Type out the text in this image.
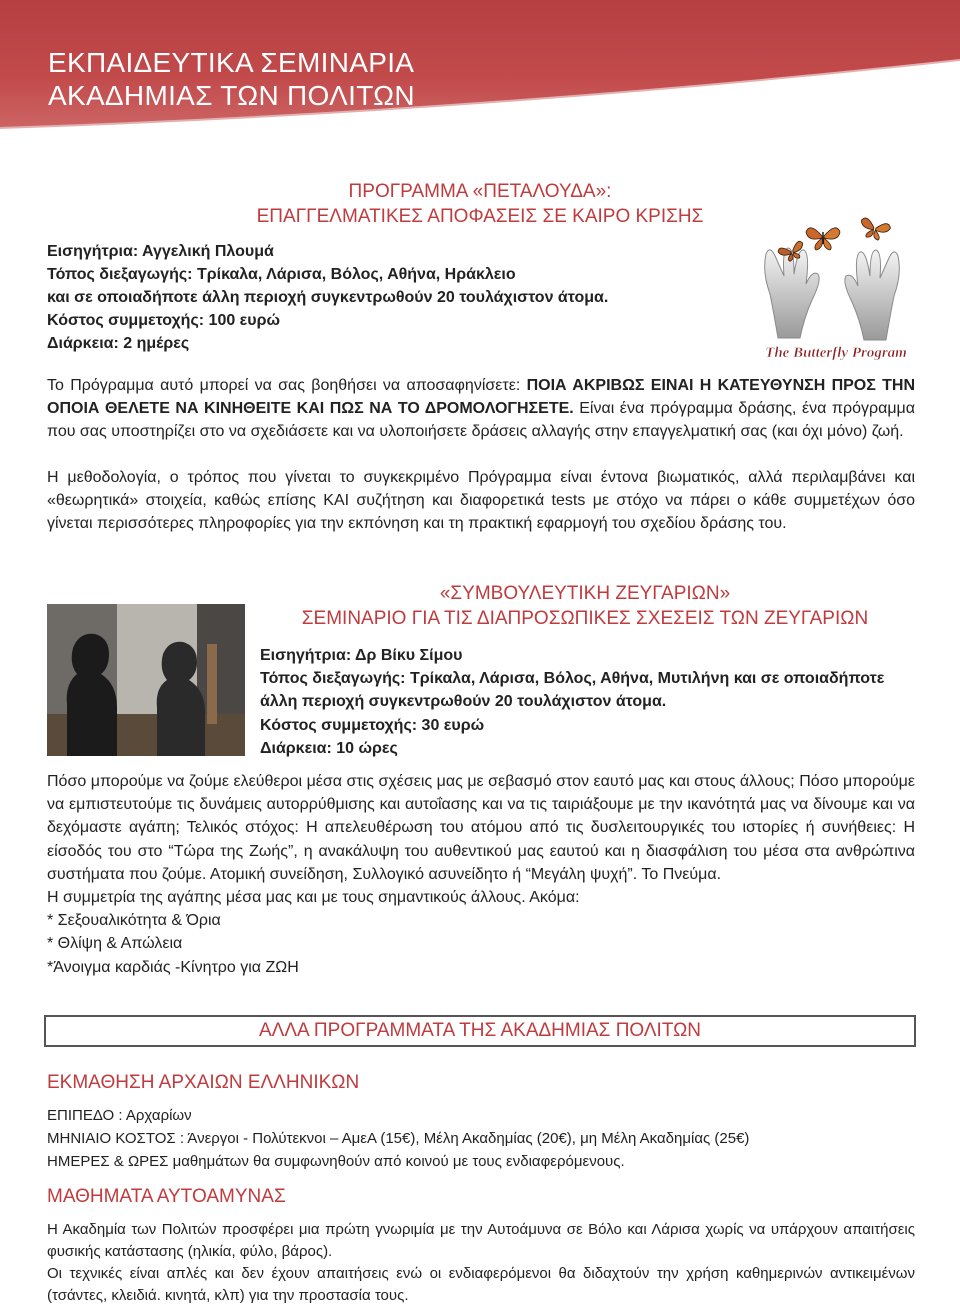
ΕΚΠΑΙΔΕΥΤΙΚΑ ΣΕΜΙΝΑΡΙΑ
ΑΚΑΔΗΜΙΑΣ ΤΩΝ ΠΟΛΙΤΩΝ
ΠΡΟΓΡΑΜΜΑ «ΠΕΤΑΛΟΥΔΑ»:
ΕΠΑΓΓΕΛΜΑΤΙΚΕΣ ΑΠΟΦΑΣΕΙΣ ΣΕ ΚΑΙΡΟ ΚΡΙΣΗΣ
Εισηγήτρια: Αγγελική Πλουμά
Τόπος διεξαγωγής: Τρίκαλα, Λάρισα, Βόλος, Αθήνα, Ηράκλειο
και σε οποιαδήποτε άλλη περιοχή συγκεντρωθούν 20 τουλάχιστον άτομα.
Κόστος συμμετοχής: 100 ευρώ
Διάρκεια: 2 ημέρες
The Butterfly Program
Το Πρόγραμμα αυτό μπορεί να σας βοηθήσει να αποσαφηνίσετε: ΠΟΙΑ ΑΚΡΙΒΩΣ ΕΙΝΑΙ Η ΚΑΤΕΥΘΥΝΣΗ ΠΡΟΣ ΤΗΝ ΟΠΟΙΑ ΘΕΛΕΤΕ ΝΑ ΚΙΝΗΘΕΙΤΕ ΚΑΙ ΠΩΣ ΝΑ ΤΟ ΔΡΟΜΟΛΟΓΗΣΕΤΕ. Είναι ένα πρόγραμμα δράσης, ένα πρόγραμμα που σας υποστηρίζει στο να σχεδιάσετε και να υλοποιήσετε δράσεις αλλαγής στην επαγγελματική σας (και όχι μόνο) ζωή.
Η μεθοδολογία, ο τρόπος που γίνεται το συγκεκριμένο Πρόγραμμα είναι έντονα βιωματικός, αλλά περιλαμβάνει και «θεωρητικά» στοιχεία, καθώς επίσης ΚΑΙ συζήτηση και διαφορετικά tests με στόχο να πάρει ο κάθε συμμετέχων όσο γίνεται περισσότερες πληροφορίες για την εκπόνηση και τη πρακτική εφαρμογή του σχεδίου δράσης του.
«ΣΥΜΒΟΥΛΕΥΤΙΚΗ ΖΕΥΓΑΡΙΩΝ»
ΣΕΜΙΝΑΡΙΟ ΓΙΑ ΤΙΣ ΔΙΑΠΡΟΣΩΠΙΚΕΣ ΣΧΕΣΕΙΣ ΤΩΝ ΖΕΥΓΑΡΙΩΝ
Εισηγήτρια: Δρ Βίκυ Σίμου
Τόπος διεξαγωγής: Τρίκαλα, Λάρισα, Βόλος, Αθήνα, Μυτιλήνη και σε οποιαδήποτε άλλη περιοχή συγκεντρωθούν 20 τουλάχιστον άτομα.
Κόστος συμμετοχής: 30 ευρώ
Διάρκεια: 10 ώρες
Πόσο μπορούμε να ζούμε ελεύθεροι μέσα στις σχέσεις μας με σεβασμό στον εαυτό μας και στους άλλους; Πόσο μπορούμε να εμπιστευτούμε τις δυνάμεις αυτορρύθμισης και αυτοΐασης και να τις ταιριάξουμε με την ικανότητά μας να δίνουμε και να δεχόμαστε αγάπη; Τελικός στόχος: Η απελευθέρωση του ατόμου από τις δυσλειτουργικές του ιστορίες ή συνήθειες: Η είσοδός του στο “Τώρα της Ζωής”, η ανακάλυψη του αυθεντικού μας εαυτού και η διασφάλιση του μέσα στα ανθρώπινα συστήματα που ζούμε. Ατομική συνείδηση, Συλλογικό ασυνείδητο ή “Μεγάλη ψυχή”. Το Πνεύμα.
Η συμμετρία της αγάπης μέσα μας και με τους σημαντικούς άλλους. Ακόμα:
* Σεξουαλικότητα & Όρια
* Θλίψη & Απώλεια
*Άνοιγμα καρδιάς -Κίνητρο για ΖΩΗ
ΑΛΛΑ ΠΡΟΓΡΑΜΜΑΤΑ ΤΗΣ ΑΚΑΔΗΜΙΑΣ ΠΟΛΙΤΩΝ
ΕΚΜΑΘΗΣΗ ΑΡΧΑΙΩΝ ΕΛΛΗΝΙΚΩΝ
ΕΠΙΠΕΔΟ : Αρχαρίων
ΜΗΝΙΑΙΟ ΚΟΣΤΟΣ : Άνεργοι - Πολύτεκνοι – ΑμεΑ (15€), Μέλη Ακαδημίας (20€), μη Μέλη Ακαδημίας (25€)
ΗΜΕΡΕΣ & ΩΡΕΣ μαθημάτων θα συμφωνηθούν από κοινού με τους ενδιαφερόμενους.
ΜΑΘΗΜΑΤΑ ΑΥΤΟΑΜΥΝΑΣ
Η Ακαδημία των Πολιτών προσφέρει μια πρώτη γνωριμία με την Αυτοάμυνα σε Βόλο και Λάρισα χωρίς να υπάρχουν απαιτήσεις φυσικής κατάστασης (ηλικία, φύλο, βάρος).
Οι τεχνικές είναι απλές και δεν έχουν απαιτήσεις ενώ οι ενδιαφερόμενοι θα διδαχτούν την χρήση καθημερινών αντικειμένων (τσάντες, κλειδιά. κινητά, κλπ) για την προστασία τους.
